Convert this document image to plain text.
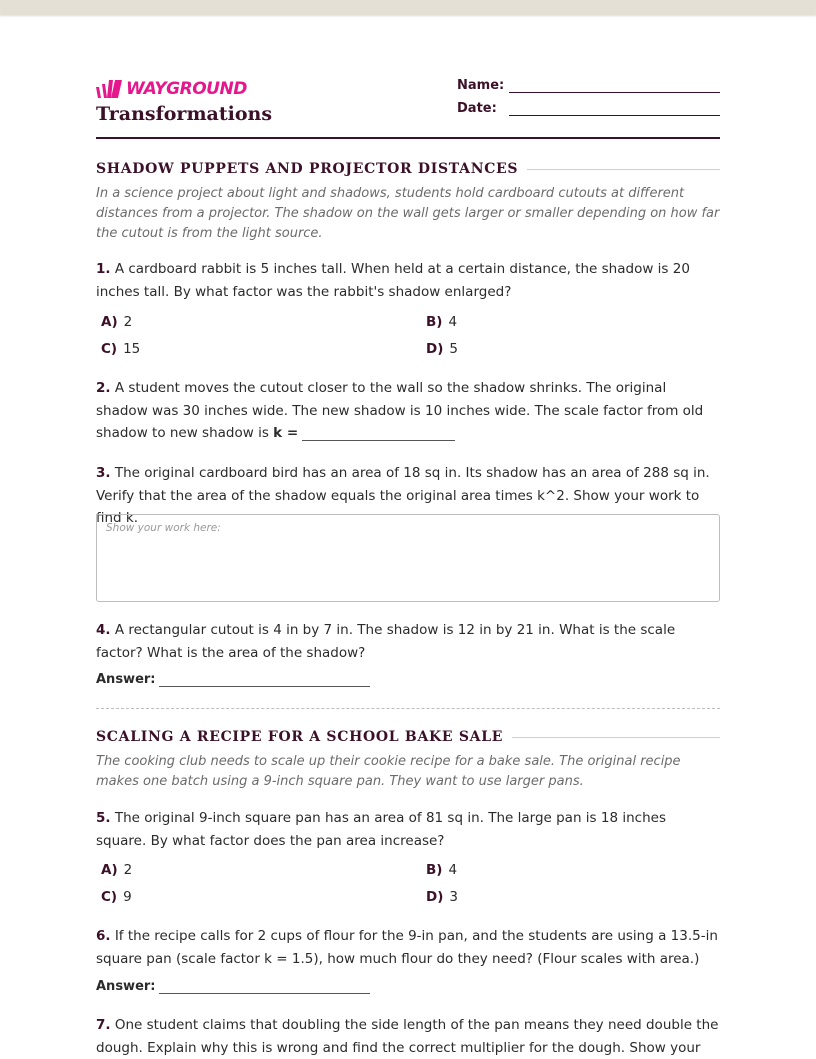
WAYGROUND
Transformations
Name:
Date:
SHADOW PUPPETS AND PROJECTOR DISTANCES
In a science project about light and shadows, students hold cardboard cutouts at different distances from a projector. The shadow on the wall gets larger or smaller depending on how far the cutout is from the light source.
1. A cardboard rabbit is 5 inches tall. When held at a certain distance, the shadow is 20 inches tall. By what factor was the rabbit's shadow enlarged?
A) 2	B) 4
C) 15	D) 5
2. A student moves the cutout closer to the wall so the shadow shrinks. The original shadow was 30 inches wide. The new shadow is 10 inches wide. The scale factor from old shadow to new shadow is k =
3. The original cardboard bird has an area of 18 sq in. Its shadow has an area of 288 sq in. Verify that the area of the shadow equals the original area times k^2. Show your work to find k.
Show your work here:
4. A rectangular cutout is 4 in by 7 in. The shadow is 12 in by 21 in. What is the scale factor? What is the area of the shadow?
Answer:
SCALING A RECIPE FOR A SCHOOL BAKE SALE
The cooking club needs to scale up their cookie recipe for a bake sale. The original recipe makes one batch using a 9-inch square pan. They want to use larger pans.
5. The original 9-inch square pan has an area of 81 sq in. The large pan is 18 inches square. By what factor does the pan area increase?
A) 2	B) 4
C) 9	D) 3
6. If the recipe calls for 2 cups of flour for the 9-in pan, and the students are using a 13.5-in square pan (scale factor k = 1.5), how much flour do they need? (Flour scales with area.)
Answer:
7. One student claims that doubling the side length of the pan means they need double the dough. Explain why this is wrong and find the correct multiplier for the dough. Show your
